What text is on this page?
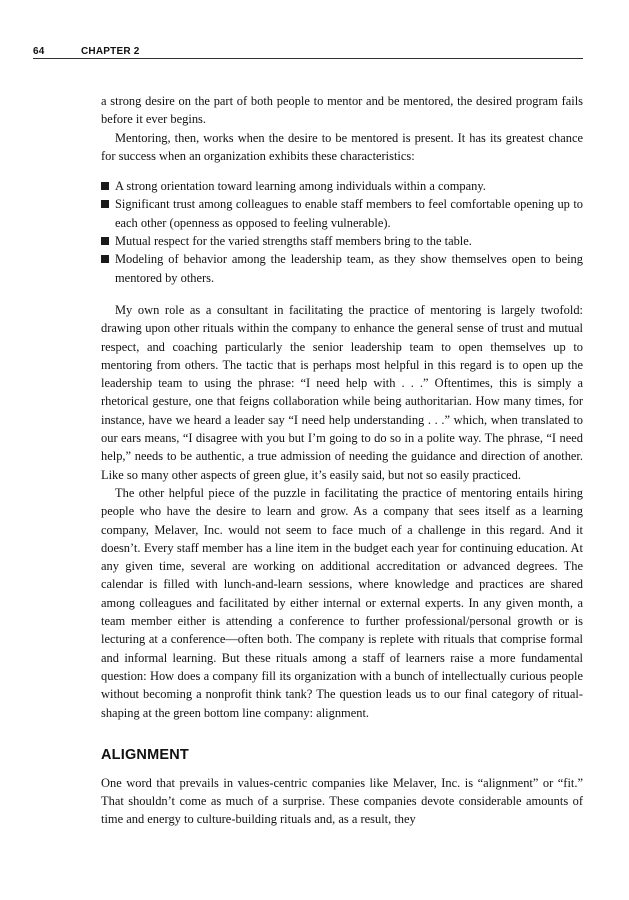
64	CHAPTER 2

a strong desire on the part of both people to mentor and be mentored, the desired program fails before it ever begins.

Mentoring, then, works when the desire to be mentored is present. It has its greatest chance for success when an organization exhibits these characteristics:

A strong orientation toward learning among individuals within a company.
Significant trust among colleagues to enable staff members to feel comfortable opening up to each other (openness as opposed to feeling vulnerable).
Mutual respect for the varied strengths staff members bring to the table.
Modeling of behavior among the leadership team, as they show themselves open to being mentored by others.

My own role as a consultant in facilitating the practice of mentoring is largely twofold: drawing upon other rituals within the company to enhance the general sense of trust and mutual respect, and coaching particularly the senior leadership team to open themselves up to mentoring from others. The tactic that is perhaps most helpful in this regard is to open up the leadership team to using the phrase: “I need help with . . .” Oftentimes, this is simply a rhetorical gesture, one that feigns collaboration while being authoritarian. How many times, for instance, have we heard a leader say “I need help understanding . . .” which, when translated to our ears means, “I disagree with you but I’m going to do so in a polite way. The phrase, “I need help,” needs to be authentic, a true admission of needing the guidance and direction of another. Like so many other aspects of green glue, it’s easily said, but not so easily practiced.

The other helpful piece of the puzzle in facilitating the practice of mentoring entails hiring people who have the desire to learn and grow. As a company that sees itself as a learning company, Melaver, Inc. would not seem to face much of a challenge in this regard. And it doesn’t. Every staff member has a line item in the budget each year for continuing education. At any given time, several are working on additional accreditation or advanced degrees. The calendar is filled with lunch-and-learn sessions, where knowledge and practices are shared among colleagues and facilitated by either internal or external experts. In any given month, a team member either is attending a conference to further professional/personal growth or is lecturing at a conference—often both. The company is replete with rituals that comprise formal and informal learning. But these rituals among a staff of learners raise a more fundamental question: How does a company fill its organization with a bunch of intellectually curious people without becoming a nonprofit think tank? The question leads us to our final category of ritual-shaping at the green bottom line company: alignment.

ALIGNMENT

One word that prevails in values-centric companies like Melaver, Inc. is “alignment” or “fit.” That shouldn’t come as much of a surprise. These companies devote considerable amounts of time and energy to culture-building rituals and, as a result, they
